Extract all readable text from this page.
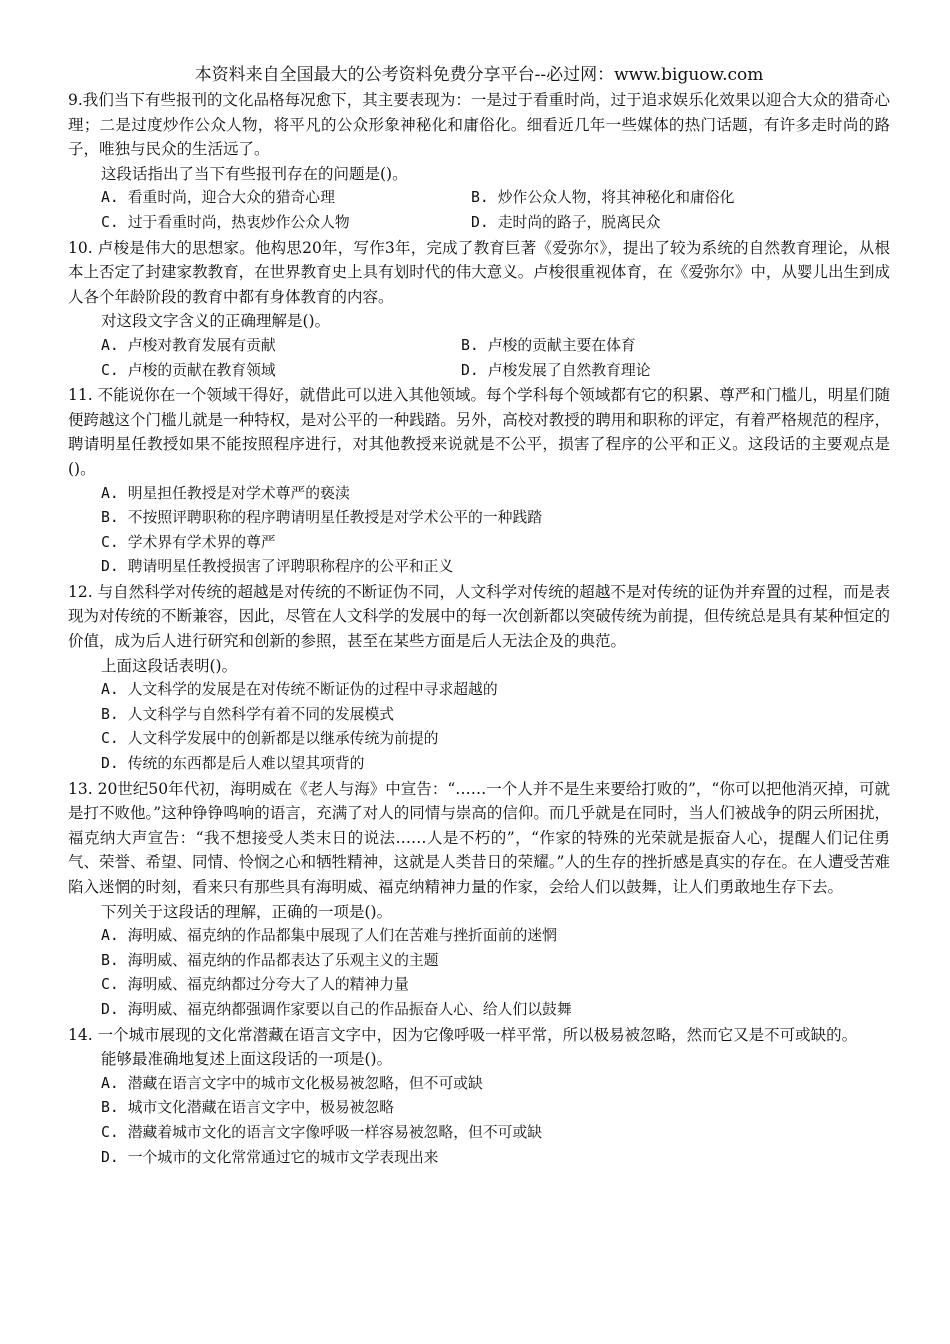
本资料来自全国最大的公考资料免费分享平台--必过网：www.biguow.com

9.我们当下有些报刊的文化品格每况愈下，其主要表现为：一是过于看重时尚，过于追求娱乐化效果以迎合大众的猎奇心理；二是过度炒作公众人物，将平凡的公众形象神秘化和庸俗化。细看近几年一些媒体的热门话题，有许多走时尚的路子，唯独与民众的生活远了。

这段话指出了当下有些报刊存在的问题是()。

A. 看重时尚，迎合大众的猎奇心理	B. 炒作公众人物，将其神秘化和庸俗化
C. 过于看重时尚，热衷炒作公众人物	D. 走时尚的路子，脱离民众

10. 卢梭是伟大的思想家。他构思20年，写作3年，完成了教育巨著《爱弥尔》，提出了较为系统的自然教育理论，从根本上否定了封建家教教育，在世界教育史上具有划时代的伟大意义。卢梭很重视体育，在《爱弥尔》中，从婴儿出生到成人各个年龄阶段的教育中都有身体教育的内容。

对这段文字含义的正确理解是()。

A. 卢梭对教育发展有贡献	B. 卢梭的贡献主要在体育
C. 卢梭的贡献在教育领域	D. 卢梭发展了自然教育理论

11. 不能说你在一个领域干得好，就借此可以进入其他领域。每个学科每个领域都有它的积累、尊严和门槛儿，明星们随便跨越这个门槛儿就是一种特权，是对公平的一种践踏。另外，高校对教授的聘用和职称的评定，有着严格规范的程序，聘请明星任教授如果不能按照程序进行，对其他教授来说就是不公平，损害了程序的公平和正义。这段话的主要观点是()。

A. 明星担任教授是对学术尊严的亵渎

B. 不按照评聘职称的程序聘请明星任教授是对学术公平的一种践踏

C. 学术界有学术界的尊严

D. 聘请明星任教授损害了评聘职称程序的公平和正义

12. 与自然科学对传统的超越是对传统的不断证伪不同，人文科学对传统的超越不是对传统的证伪并弃置的过程，而是表现为对传统的不断兼容，因此，尽管在人文科学的发展中的每一次创新都以突破传统为前提，但传统总是具有某种恒定的价值，成为后人进行研究和创新的参照，甚至在某些方面是后人无法企及的典范。

上面这段话表明()。

A. 人文科学的发展是在对传统不断证伪的过程中寻求超越的

B. 人文科学与自然科学有着不同的发展模式

C. 人文科学发展中的创新都是以继承传统为前提的

D. 传统的东西都是后人难以望其项背的

13. 20世纪50年代初，海明威在《老人与海》中宣告：“……一个人并不是生来要给打败的”，“你可以把他消灭掉，可就是打不败他。”这种铮铮鸣响的语言，充满了对人的同情与崇高的信仰。而几乎就是在同时，当人们被战争的阴云所困扰，福克纳大声宣告：“我不想接受人类末日的说法……人是不朽的”，“作家的特殊的光荣就是振奋人心，提醒人们记住勇气、荣誉、希望、同情、怜悯之心和牺牲精神，这就是人类昔日的荣耀。”人的生存的挫折感是真实的存在。在人遭受苦难陷入迷惘的时刻，看来只有那些具有海明威、福克纳精神力量的作家，会给人们以鼓舞，让人们勇敢地生存下去。

下列关于这段话的理解，正确的一项是()。

A. 海明威、福克纳的作品都集中展现了人们在苦难与挫折面前的迷惘

B. 海明威、福克纳的作品都表达了乐观主义的主题

C. 海明威、福克纳都过分夸大了人的精神力量

D. 海明威、福克纳都强调作家要以自己的作品振奋人心、给人们以鼓舞

14. 一个城市展现的文化常潜藏在语言文字中，因为它像呼吸一样平常，所以极易被忽略，然而它又是不可或缺的。

能够最准确地复述上面这段话的一项是()。

A. 潜藏在语言文字中的城市文化极易被忽略，但不可或缺

B. 城市文化潜藏在语言文字中，极易被忽略

C. 潜藏着城市文化的语言文字像呼吸一样容易被忽略，但不可或缺

D. 一个城市的文化常常通过它的城市文学表现出来
